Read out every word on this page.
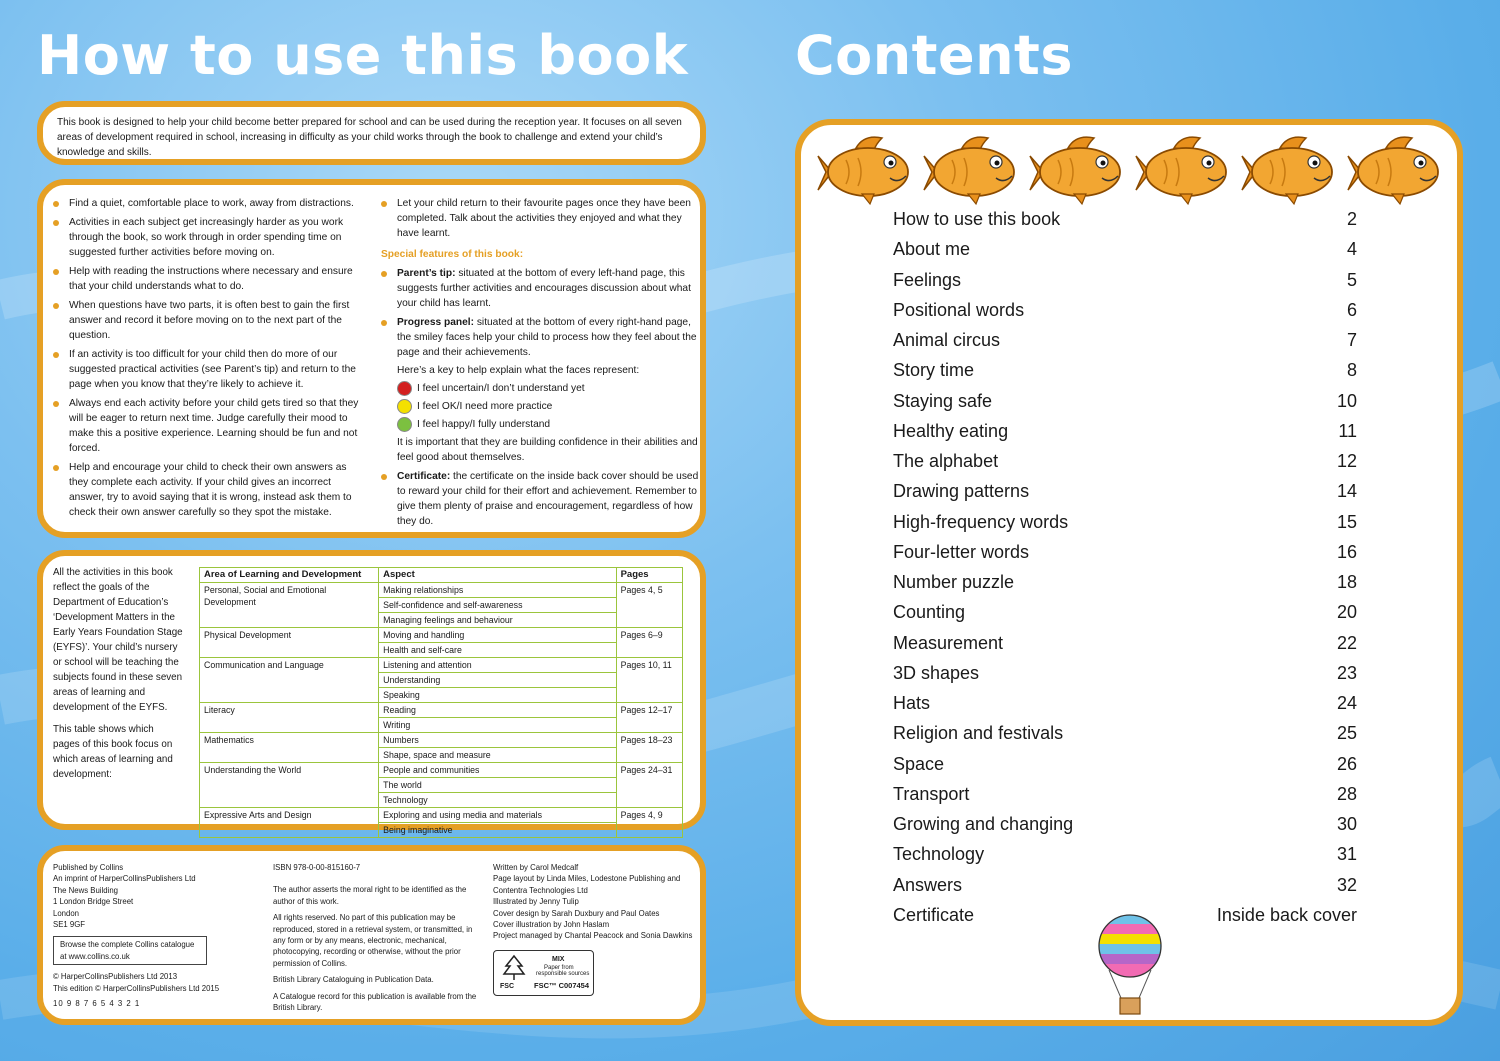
How to use this book Contents
This book is designed to help your child become better prepared for school and can be used during the reception year. It focuses on all seven areas of development required in school, increasing in difficulty as your child works through the book to challenge and extend your child’s knowledge and skills.
Find a quiet, comfortable place to work, away from distractions.
Activities in each subject get increasingly harder as you work through the book, so work through in order spending time on suggested further activities before moving on.
Help with reading the instructions where necessary and ensure that your child understands what to do.
When questions have two parts, it is often best to gain the first answer and record it before moving on to the next part of the question.
If an activity is too difficult for your child then do more of our suggested practical activities (see Parent’s tip) and return to the page when you know that they’re likely to achieve it.
Always end each activity before your child gets tired so that they will be eager to return next time. Judge carefully their mood to make this a positive experience. Learning should be fun and not forced.
Help and encourage your child to check their own answers as they complete each activity. If your child gives an incorrect answer, try to avoid saying that it is wrong, instead ask them to check their own answer carefully so they spot the mistake.
Let your child return to their favourite pages once they have been completed. Talk about the activities they enjoyed and what they have learnt.
Special features of this book:
Parent’s tip: situated at the bottom of every left-hand page, this suggests further activities and encourages discussion about what your child has learnt.
Progress panel: situated at the bottom of every right-hand page, the smiley faces help your child to process how they feel about the page and their achievements.
Here’s a key to help explain what the faces represent:
I feel uncertain/I don’t understand yet
I feel OK/I need more practice
I feel happy/I fully understand
It is important that they are building confidence in their abilities and feel good about themselves.
Certificate: the certificate on the inside back cover should be used to reward your child for their effort and achievement. Remember to give them plenty of praise and encouragement, regardless of how they do.
All the activities in this book reflect the goals of the Department of Education’s ‘Development Matters in the Early Years Foundation Stage (EYFS)’. Your child’s nursery or school will be teaching the subjects found in these seven areas of learning and development of the EYFS.
This table shows which pages of this book focus on which areas of learning and development:
Area of Learning and Development	Aspect	Pages
Personal, Social and Emotional Development	Making relationships	Pages 4, 5
	Self-confidence and self-awareness	
	Managing feelings and behaviour	
Physical Development	Moving and handling	Pages 6–9
	Health and self-care	
Communication and Language	Listening and attention	Pages 10, 11
	Understanding	
	Speaking	
Literacy	Reading	Pages 12–17
	Writing	
Mathematics	Numbers	Pages 18–23
	Shape, space and measure	
Understanding the World	People and communities	Pages 24–31
	The world	
	Technology	
Expressive Arts and Design	Exploring and using media and materials	Pages 4, 9
	Being imaginative	
Published by Collins
An imprint of HarperCollinsPublishers Ltd
The News Building
1 London Bridge Street
London
SE1 9GF
Browse the complete Collins catalogue at www.collins.co.uk
© HarperCollinsPublishers Ltd 2013
This edition © HarperCollinsPublishers Ltd 2015
10 9 8 7 6 5 4 3 2 1
ISBN 978-0-00-815160-7
The author asserts the moral right to be identified as the author of this work.
All rights reserved. No part of this publication may be reproduced, stored in a retrieval system, or transmitted, in any form or by any means, electronic, mechanical, photocopying, recording or otherwise, without the prior permission of Collins.
British Library Cataloguing in Publication Data.
A Catalogue record for this publication is available from the British Library.
Written by Carol Medcalf
Page layout by Linda Miles, Lodestone Publishing and Contentra Technologies Ltd
Illustrated by Jenny Tulip
Cover design by Sarah Duxbury and Paul Oates
Cover illustration by John Haslam
Project managed by Chantal Peacock and Sonia Dawkins
FSC
MIX
Paper from
responsible sources
FSC™ C007454
How to use this book	2
About me	4
Feelings	5
Positional words	6
Animal circus	7
Story time	8
Staying safe	10
Healthy eating	11
The alphabet	12
Drawing patterns	14
High-frequency words	15
Four-letter words	16
Number puzzle	18
Counting	20
Measurement	22
3D shapes	23
Hats	24
Religion and festivals	25
Space	26
Transport	28
Growing and changing	30
Technology	31
Answers	32
Certificate	Inside back cover
